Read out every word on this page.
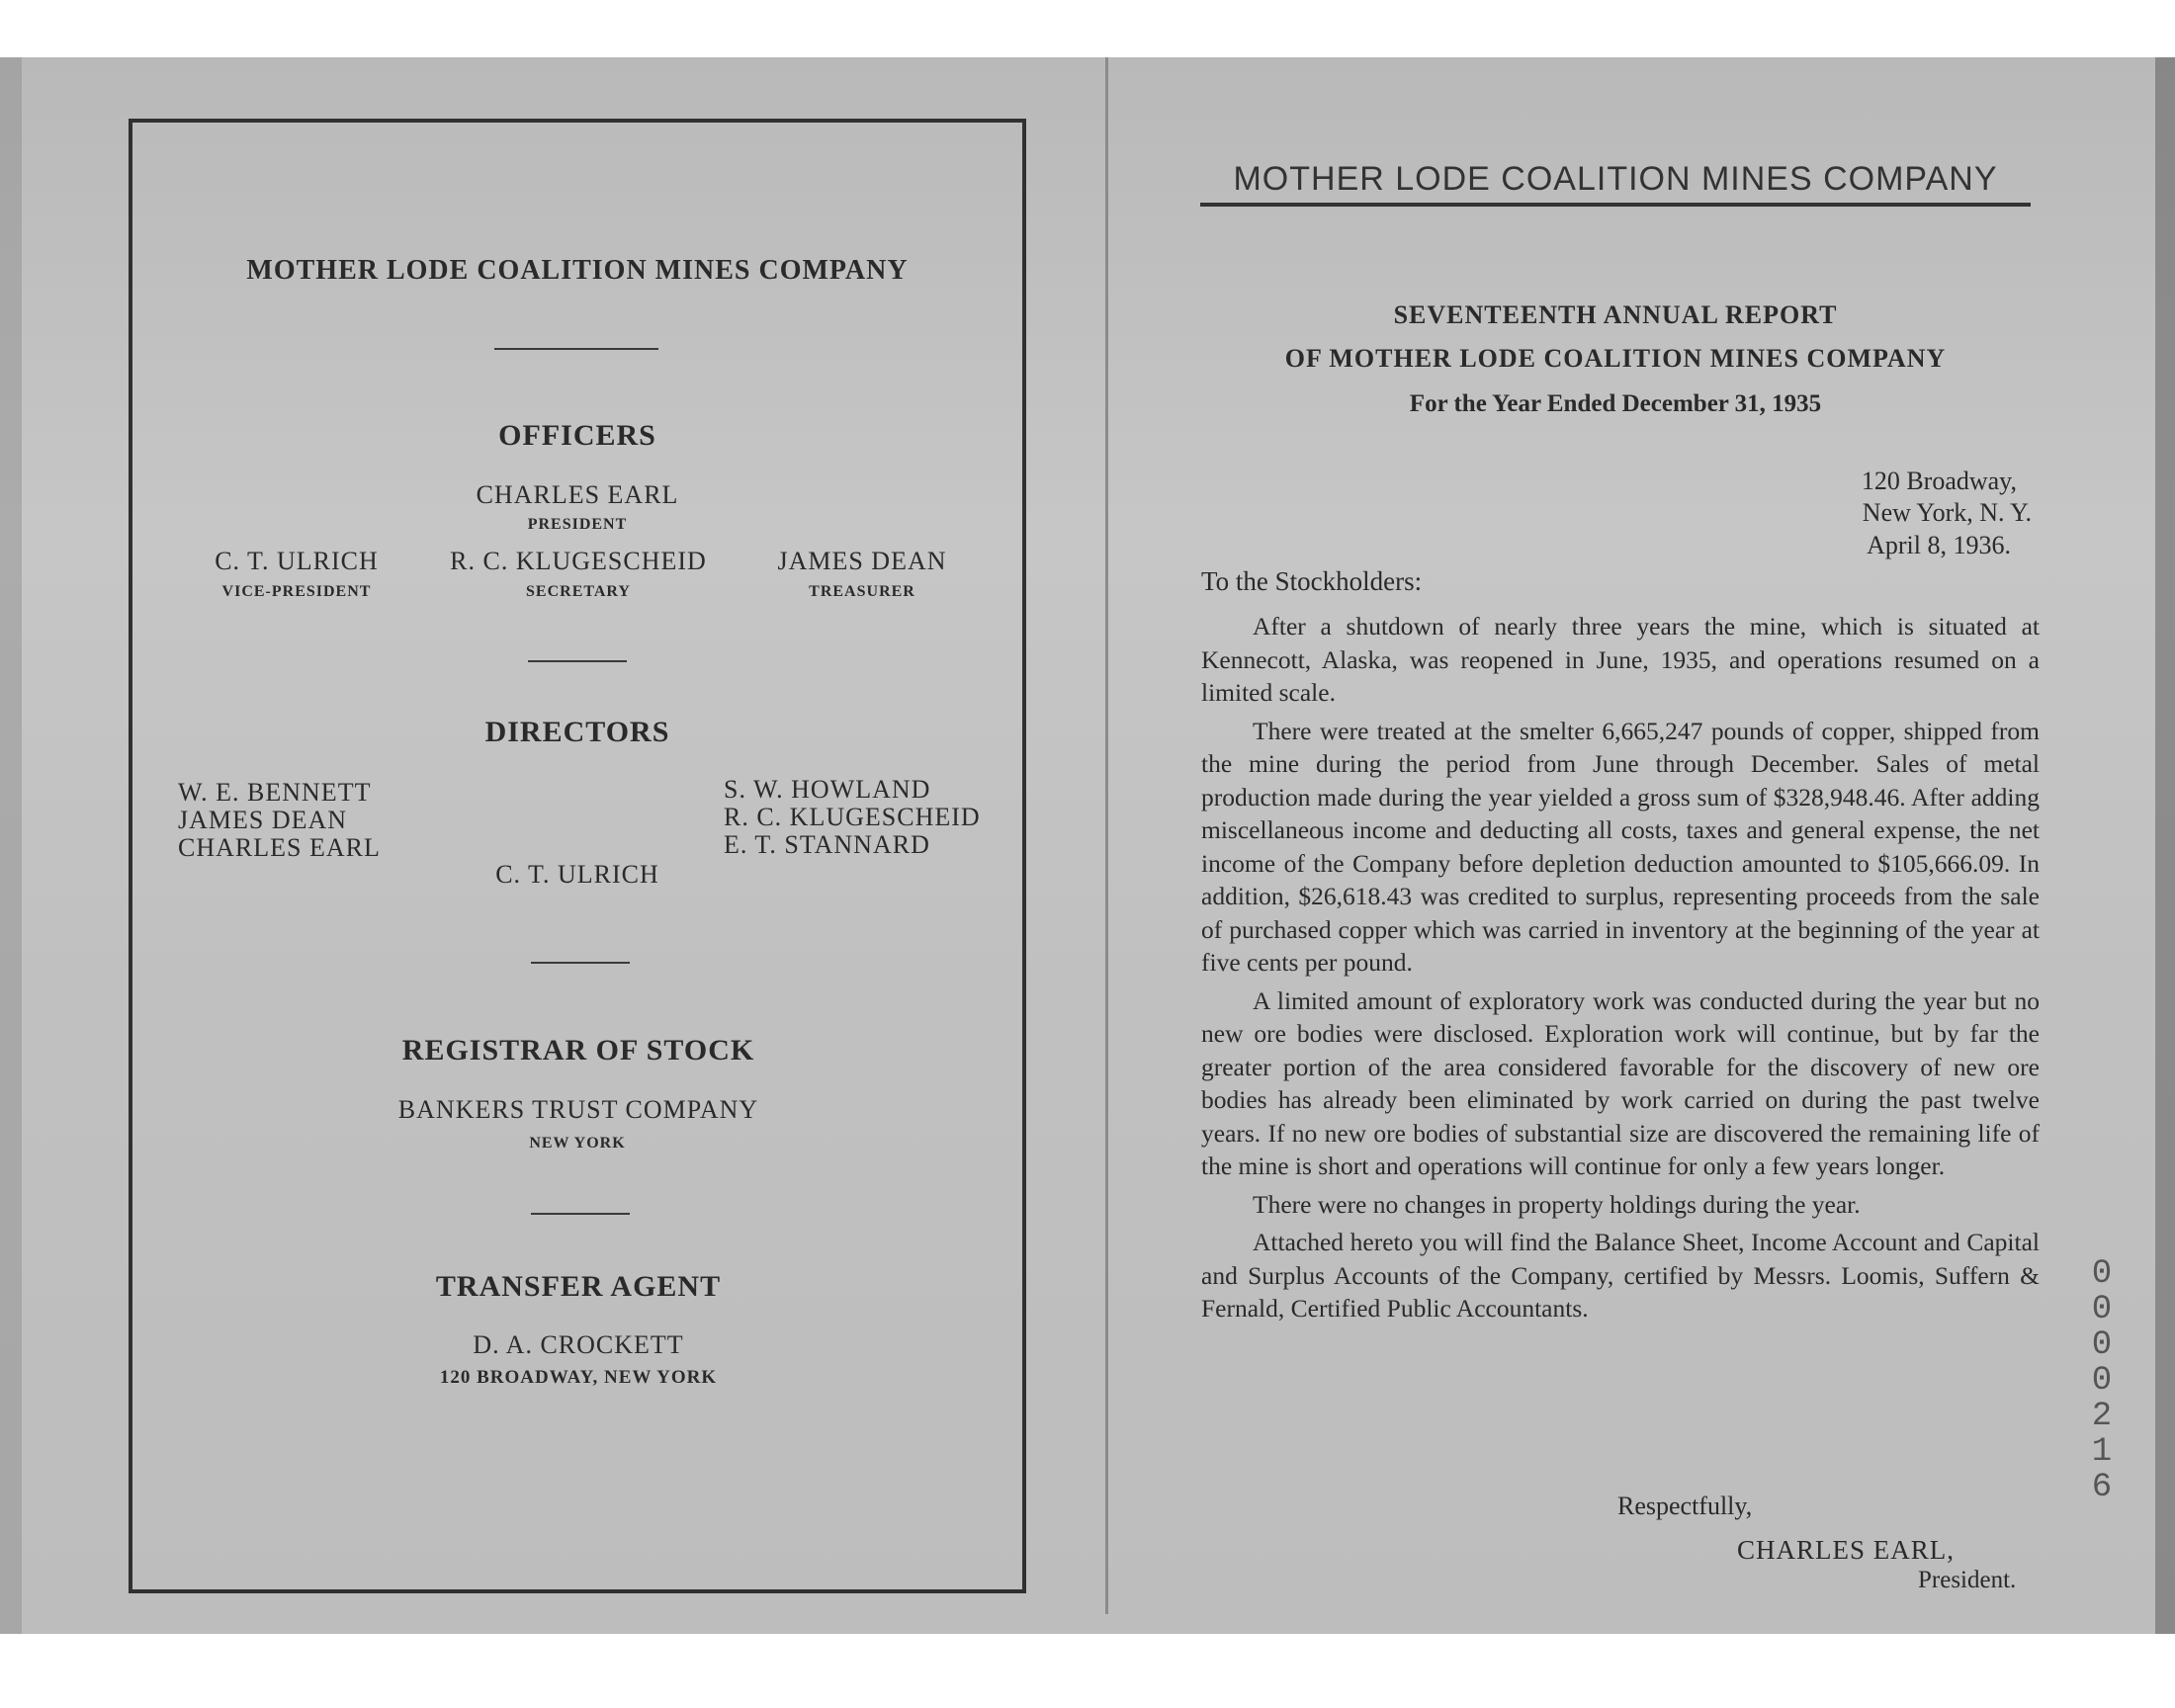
MOTHER LODE COALITION MINES COMPANY
OFFICERS
CHARLES EARL
PRESIDENT
C. T. ULRICH
VICE-PRESIDENT
R. C. KLUGESCHEID
SECRETARY
JAMES DEAN
TREASURER
DIRECTORS
W. E. BENNETT
JAMES DEAN
CHARLES EARL
S. W. HOWLAND
R. C. KLUGESCHEID
E. T. STANNARD
C. T. ULRICH
REGISTRAR OF STOCK
BANKERS TRUST COMPANY
NEW YORK
TRANSFER AGENT
D. A. CROCKETT
120 BROADWAY, NEW YORK
MOTHER LODE COALITION MINES COMPANY
SEVENTEENTH ANNUAL REPORT
OF MOTHER LODE COALITION MINES COMPANY
For the Year Ended December 31, 1935
120 Broadway,
New York, N. Y.
April 8, 1936.
To the Stockholders:

After a shutdown of nearly three years the mine, which is situated at Kennecott, Alaska, was reopened in June, 1935, and operations resumed on a limited scale.

There were treated at the smelter 6,665,247 pounds of copper, shipped from the mine during the period from June through December. Sales of metal production made during the year yielded a gross sum of $328,948.46. After adding miscellaneous income and deducting all costs, taxes and general expense, the net income of the Company before depletion deduction amounted to $105,666.09. In addition, $26,618.43 was credited to surplus, representing proceeds from the sale of purchased copper which was carried in inventory at the beginning of the year at five cents per pound.

A limited amount of exploratory work was conducted during the year but no new ore bodies were disclosed. Exploration work will continue, but by far the greater portion of the area considered favorable for the discovery of new ore bodies has already been eliminated by work carried on during the past twelve years. If no new ore bodies of substantial size are discovered the remaining life of the mine is short and operations will continue for only a few years longer.

There were no changes in property holdings during the year.

Attached hereto you will find the Balance Sheet, Income Account and Capital and Surplus Accounts of the Company, certified by Messrs. Loomis, Suffern & Fernald, Certified Public Accountants.

Respectfully,
CHARLES EARL,
President.
0000216
